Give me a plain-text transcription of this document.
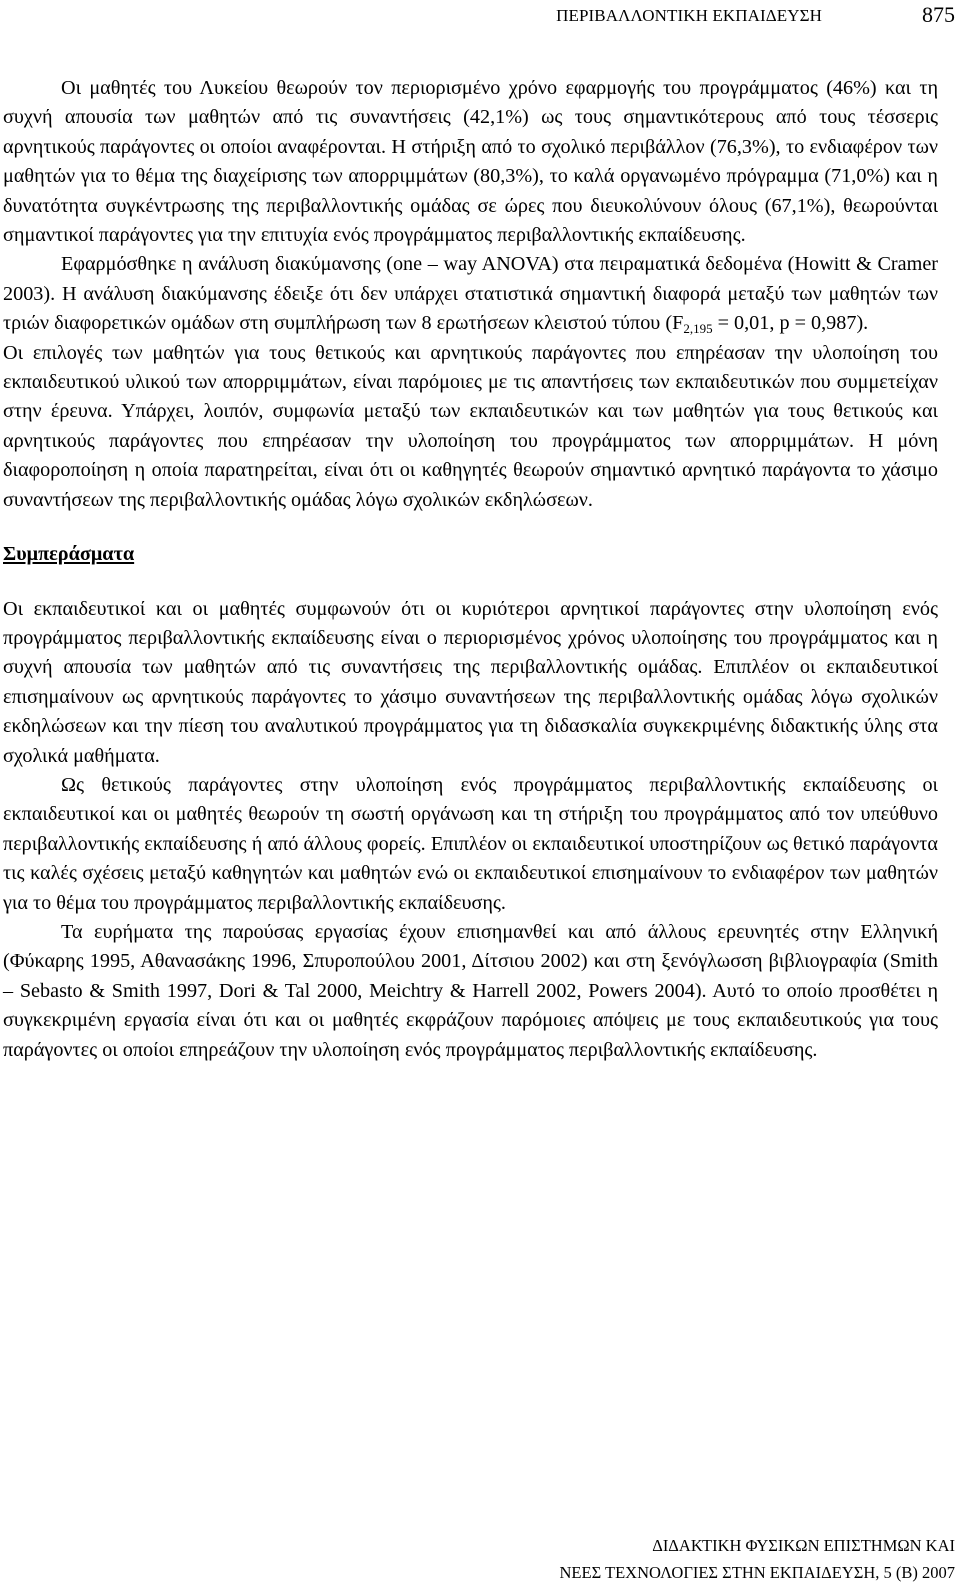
ΠΕΡΙΒΑΛΛΟΝΤΙΚΗ ΕΚΠΑΙΔΕΥΣΗ	875

Οι μαθητές του Λυκείου θεωρούν τον περιορισμένο χρόνο εφαρμογής του προγράμματος (46%) και τη συχνή απουσία των μαθητών από τις συναντήσεις (42,1%) ως τους σημαντικότερους από τους τέσσερις αρνητικούς παράγοντες οι οποίοι αναφέρονται. Η στήριξη από το σχολικό περιβάλλον (76,3%), το ενδιαφέρον των μαθητών για το θέμα της διαχείρισης των απορριμμάτων (80,3%), το καλά οργανωμένο πρόγραμμα (71,0%) και η δυνατότητα συγκέντρωσης της περιβαλλοντικής ομάδας σε ώρες που διευκολύνουν όλους (67,1%), θεωρούνται σημαντικοί παράγοντες για την επιτυχία ενός προγράμματος περιβαλλοντικής εκπαίδευσης.

Εφαρμόσθηκε η ανάλυση διακύμανσης (one – way ANOVA) στα πειραματικά δεδομένα (Howitt & Cramer 2003). Η ανάλυση διακύμανσης έδειξε ότι δεν υπάρχει στατιστικά σημαντική διαφορά μεταξύ των μαθητών των τριών διαφορετικών ομάδων στη συμπλήρωση των 8 ερωτήσεων κλειστού τύπου ($F_{2,195} = 0,01$, p = 0,987).

Οι επιλογές των μαθητών για τους θετικούς και αρνητικούς παράγοντες που επηρέασαν την υλοποίηση του εκπαιδευτικού υλικού των απορριμμάτων, είναι παρόμοιες με τις απαντήσεις των εκπαιδευτικών που συμμετείχαν στην έρευνα. Υπάρχει, λοιπόν, συμφωνία μεταξύ των εκπαιδευτικών και των μαθητών για τους θετικούς και αρνητικούς παράγοντες που επηρέασαν την υλοποίηση του προγράμματος των απορριμμάτων. Η μόνη διαφοροποίηση η οποία παρατηρείται, είναι ότι οι καθηγητές θεωρούν σημαντικό αρνητικό παράγοντα το χάσιμο συναντήσεων της περιβαλλοντικής ομάδας λόγω σχολικών εκδηλώσεων.

Συμπεράσματα

Οι εκπαιδευτικοί και οι μαθητές συμφωνούν ότι οι κυριότεροι αρνητικοί παράγοντες στην υλοποίηση ενός προγράμματος περιβαλλοντικής εκπαίδευσης είναι ο περιορισμένος χρόνος υλοποίησης του προγράμματος και η συχνή απουσία των μαθητών από τις συναντήσεις της περιβαλλοντικής ομάδας. Επιπλέον οι εκπαιδευτικοί επισημαίνουν ως αρνητικούς παράγοντες το χάσιμο συναντήσεων της περιβαλλοντικής ομάδας λόγω σχολικών εκδηλώσεων και την πίεση του αναλυτικού προγράμματος για τη διδασκαλία συγκεκριμένης διδακτικής ύλης στα σχολικά μαθήματα.

Ως θετικούς παράγοντες στην υλοποίηση ενός προγράμματος περιβαλλοντικής εκπαίδευσης οι εκπαιδευτικοί και οι μαθητές θεωρούν τη σωστή οργάνωση και τη στήριξη του προγράμματος από τον υπεύθυνο περιβαλλοντικής εκπαίδευσης ή από άλλους φορείς. Επιπλέον οι εκπαιδευτικοί υποστηρίζουν ως θετικό παράγοντα τις καλές σχέσεις μεταξύ καθηγητών και μαθητών ενώ οι εκπαιδευτικοί επισημαίνουν το ενδιαφέρον των μαθητών για το θέμα του προγράμματος περιβαλλοντικής εκπαίδευσης.

Τα ευρήματα της παρούσας εργασίας έχουν επισημανθεί και από άλλους ερευνητές στην Ελληνική (Φύκαρης 1995, Αθανασάκης 1996, Σπυροπούλου 2001, Δίτσιου 2002) και στη ξενόγλωσση βιβλιογραφία (Smith – Sebasto & Smith 1997, Dori & Tal 2000, Meichtry & Harrell 2002, Powers 2004). Αυτό το οποίο προσθέτει η συγκεκριμένη εργασία είναι ότι και οι μαθητές εκφράζουν παρόμοιες απόψεις με τους εκπαιδευτικούς για τους παράγοντες οι οποίοι επηρεάζουν την υλοποίηση ενός προγράμματος περιβαλλοντικής εκπαίδευσης.

ΔΙΔΑΚΤΙΚΗ ΦΥΣΙΚΩΝ ΕΠΙΣΤΗΜΩΝ ΚΑΙ
ΝΕΕΣ ΤΕΧΝΟΛΟΓΙΕΣ ΣΤΗΝ ΕΚΠΑΙΔΕΥΣΗ, 5 (Β) 2007
